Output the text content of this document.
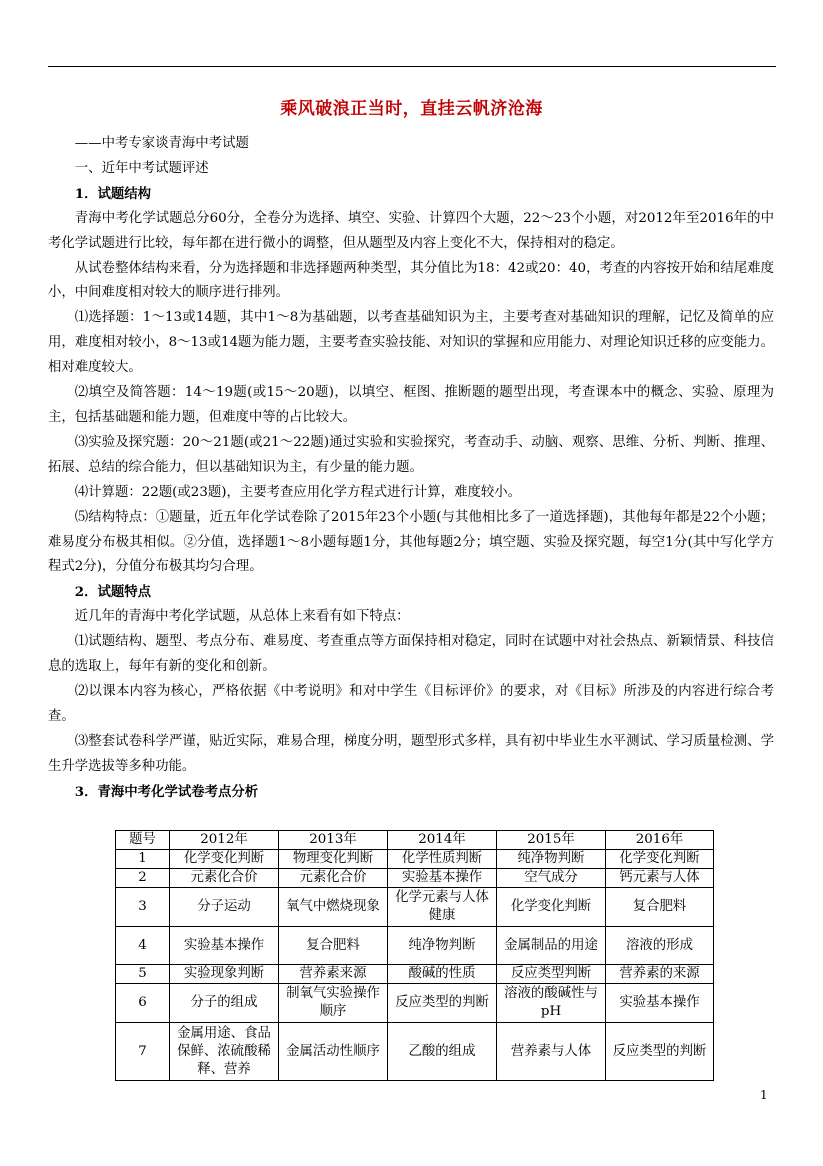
乘风破浪正当时，直挂云帆济沧海

——中考专家谈青海中考试题

一、近年中考试题评述

1．试题结构

青海中考化学试题总分60分，全卷分为选择、填空、实验、计算四个大题，22～23个小题，对2012年至2016年的中考化学试题进行比较，每年都在进行微小的调整，但从题型及内容上变化不大，保持相对的稳定。

从试卷整体结构来看，分为选择题和非选择题两种类型，其分值比为18：42或20：40，考查的内容按开始和结尾难度小，中间难度相对较大的顺序进行排列。

⑴选择题：1～13或14题，其中1～8为基础题，以考查基础知识为主，主要考查对基础知识的理解，记忆及简单的应用，难度相对较小，8～13或14题为能力题，主要考查实验技能、对知识的掌握和应用能力、对理论知识迁移的应变能力。相对难度较大。

⑵填空及简答题：14～19题(或15～20题)，以填空、框图、推断题的题型出现，考查课本中的概念、实验、原理为主，包括基础题和能力题，但难度中等的占比较大。

⑶实验及探究题：20～21题(或21～22题)通过实验和实验探究，考查动手、动脑、观察、思维、分析、判断、推理、拓展、总结的综合能力，但以基础知识为主，有少量的能力题。

⑷计算题：22题(或23题)，主要考查应用化学方程式进行计算，难度较小。

⑸结构特点：①题量，近五年化学试卷除了2015年23个小题(与其他相比多了一道选择题)，其他每年都是22个小题；难易度分布极其相似。②分值，选择题1～8小题每题1分，其他每题2分；填空题、实验及探究题，每空1分(其中写化学方程式2分)，分值分布极其均匀合理。

2．试题特点

近几年的青海中考化学试题，从总体上来看有如下特点：

⑴试题结构、题型、考点分布、难易度、考查重点等方面保持相对稳定，同时在试题中对社会热点、新颖情景、科技信息的选取上，每年有新的变化和创新。

⑵以课本内容为核心，严格依据《中考说明》和对中学生《目标评价》的要求，对《目标》所涉及的内容进行综合考查。

⑶整套试卷科学严谨，贴近实际，难易合理，梯度分明，题型形式多样，具有初中毕业生水平测试、学习质量检测、学生升学选拔等多种功能。

3．青海中考化学试卷考点分析

题号	2012年	2013年	2014年	2015年	2016年
1	化学变化判断	物理变化判断	化学性质判断	纯净物判断	化学变化判断
2	元素化合价	元素化合价	实验基本操作	空气成分	钙元素与人体
3	分子运动	氧气中燃烧现象	化学元素与人体健康	化学变化判断	复合肥料
4	实验基本操作	复合肥料	纯净物判断	金属制品的用途	溶液的形成
5	实验现象判断	营养素来源	酸碱的性质	反应类型判断	营养素的来源
6	分子的组成	制氧气实验操作顺序	反应类型的判断	溶液的酸碱性与pH	实验基本操作
7	金属用途、食品保鲜、浓硫酸稀释、营养	金属活动性顺序	乙酸的组成	营养素与人体	反应类型的判断
1
